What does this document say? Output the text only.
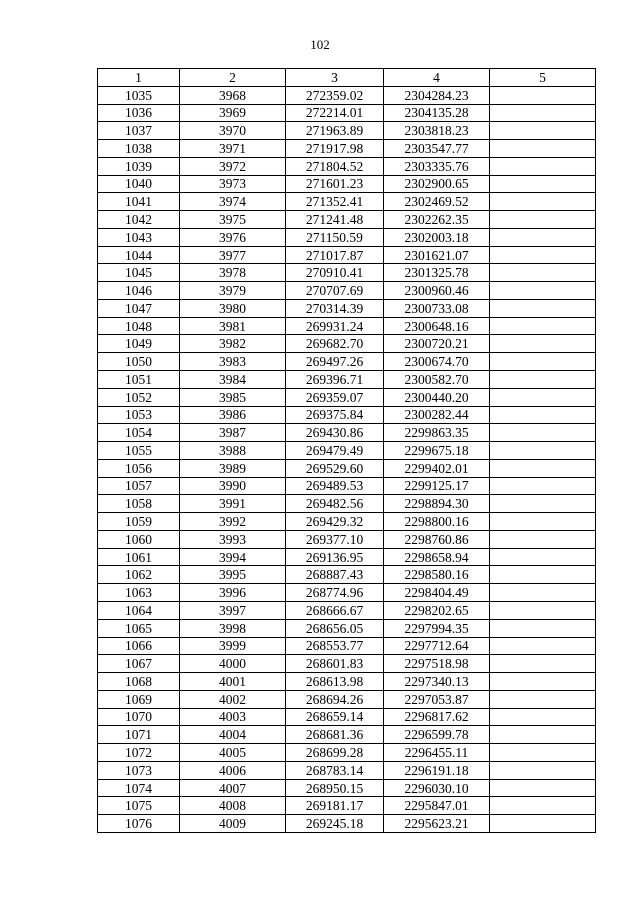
102
1	2	3	4	5
1035	3968	272359.02	2304284.23	
1036	3969	272214.01	2304135.28	
1037	3970	271963.89	2303818.23	
1038	3971	271917.98	2303547.77	
1039	3972	271804.52	2303335.76	
1040	3973	271601.23	2302900.65	
1041	3974	271352.41	2302469.52	
1042	3975	271241.48	2302262.35	
1043	3976	271150.59	2302003.18	
1044	3977	271017.87	2301621.07	
1045	3978	270910.41	2301325.78	
1046	3979	270707.69	2300960.46	
1047	3980	270314.39	2300733.08	
1048	3981	269931.24	2300648.16	
1049	3982	269682.70	2300720.21	
1050	3983	269497.26	2300674.70	
1051	3984	269396.71	2300582.70	
1052	3985	269359.07	2300440.20	
1053	3986	269375.84	2300282.44	
1054	3987	269430.86	2299863.35	
1055	3988	269479.49	2299675.18	
1056	3989	269529.60	2299402.01	
1057	3990	269489.53	2299125.17	
1058	3991	269482.56	2298894.30	
1059	3992	269429.32	2298800.16	
1060	3993	269377.10	2298760.86	
1061	3994	269136.95	2298658.94	
1062	3995	268887.43	2298580.16	
1063	3996	268774.96	2298404.49	
1064	3997	268666.67	2298202.65	
1065	3998	268656.05	2297994.35	
1066	3999	268553.77	2297712.64	
1067	4000	268601.83	2297518.98	
1068	4001	268613.98	2297340.13	
1069	4002	268694.26	2297053.87	
1070	4003	268659.14	2296817.62	
1071	4004	268681.36	2296599.78	
1072	4005	268699.28	2296455.11	
1073	4006	268783.14	2296191.18	
1074	4007	268950.15	2296030.10	
1075	4008	269181.17	2295847.01	
1076	4009	269245.18	2295623.21	
